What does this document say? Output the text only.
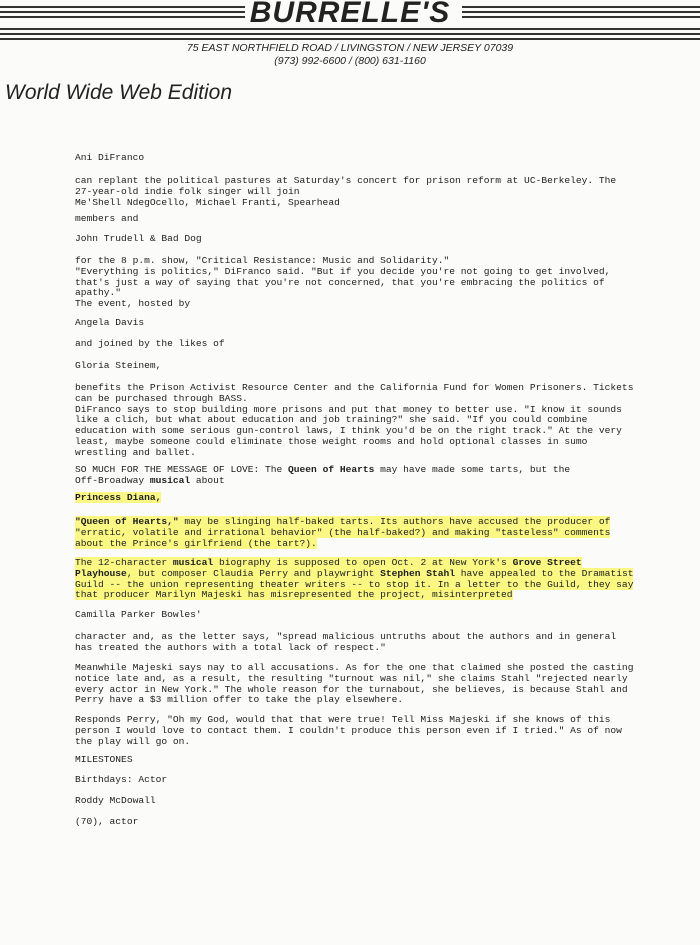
BURRELLE'S
75 EAST NORTHFIELD ROAD / LIVINGSTON / NEW JERSEY 07039
(973) 992-6600 / (800) 631-1160
World Wide Web Edition

Ani DiFranco

can replant the political pastures at Saturday's concert for prison reform at UC-Berkeley. The
27-year-old indie folk singer will join
Me'Shell NdegOcello, Michael Franti, Spearhead

members and

John Trudell & Bad Dog

for the 8 p.m. show, "Critical Resistance: Music and Solidarity."
"Everything is politics," DiFranco said. "But if you decide you're not going to get involved,
that's just a way of saying that you're not concerned, that you're embracing the politics of
apathy."
The event, hosted by

Angela Davis

and joined by the likes of

Gloria Steinem,

benefits the Prison Activist Resource Center and the California Fund for Women Prisoners. Tickets
can be purchased through BASS.
DiFranco says to stop building more prisons and put that money to better use. "I know it sounds
like a clich, but what about education and job training?" she said. "If you could combine
education with some serious gun-control laws, I think you'd be on the right track." At the very
least, maybe someone could eliminate those weight rooms and hold optional classes in sumo
wrestling and ballet.

SO MUCH FOR THE MESSAGE OF LOVE: The Queen of Hearts may have made some tarts, but the
Off-Broadway musical about

Princess Diana,

"Queen of Hearts," may be slinging half-baked tarts. Its authors have accused the producer of
"erratic, volatile and irrational behavior" (the half-baked?) and making "tasteless" comments
about the Prince's girlfriend (the tart?).

The 12-character musical biography is supposed to open Oct. 2 at New York's Grove Street
Playhouse, but composer Claudia Perry and playwright Stephen Stahl have appealed to the Dramatist
Guild -- the union representing theater writers -- to stop it. In a letter to the Guild, they say
that producer Marilyn Majeski has misrepresented the project, misinterpreted

Camilla Parker Bowles'

character and, as the letter says, "spread malicious untruths about the authors and in general
has treated the authors with a total lack of respect."

Meanwhile Majeski says nay to all accusations. As for the one that claimed she posted the casting
notice late and, as a result, the resulting "turnout was nil," she claims Stahl "rejected nearly
every actor in New York." The whole reason for the turnabout, she believes, is because Stahl and
Perry have a $3 million offer to take the play elsewhere.

Responds Perry, "Oh my God, would that that were true! Tell Miss Majeski if she knows of this
person I would love to contact them. I couldn't produce this person even if I tried." As of now
the play will go on.

MILESTONES

Birthdays: Actor

Roddy McDowall

(70), actor
